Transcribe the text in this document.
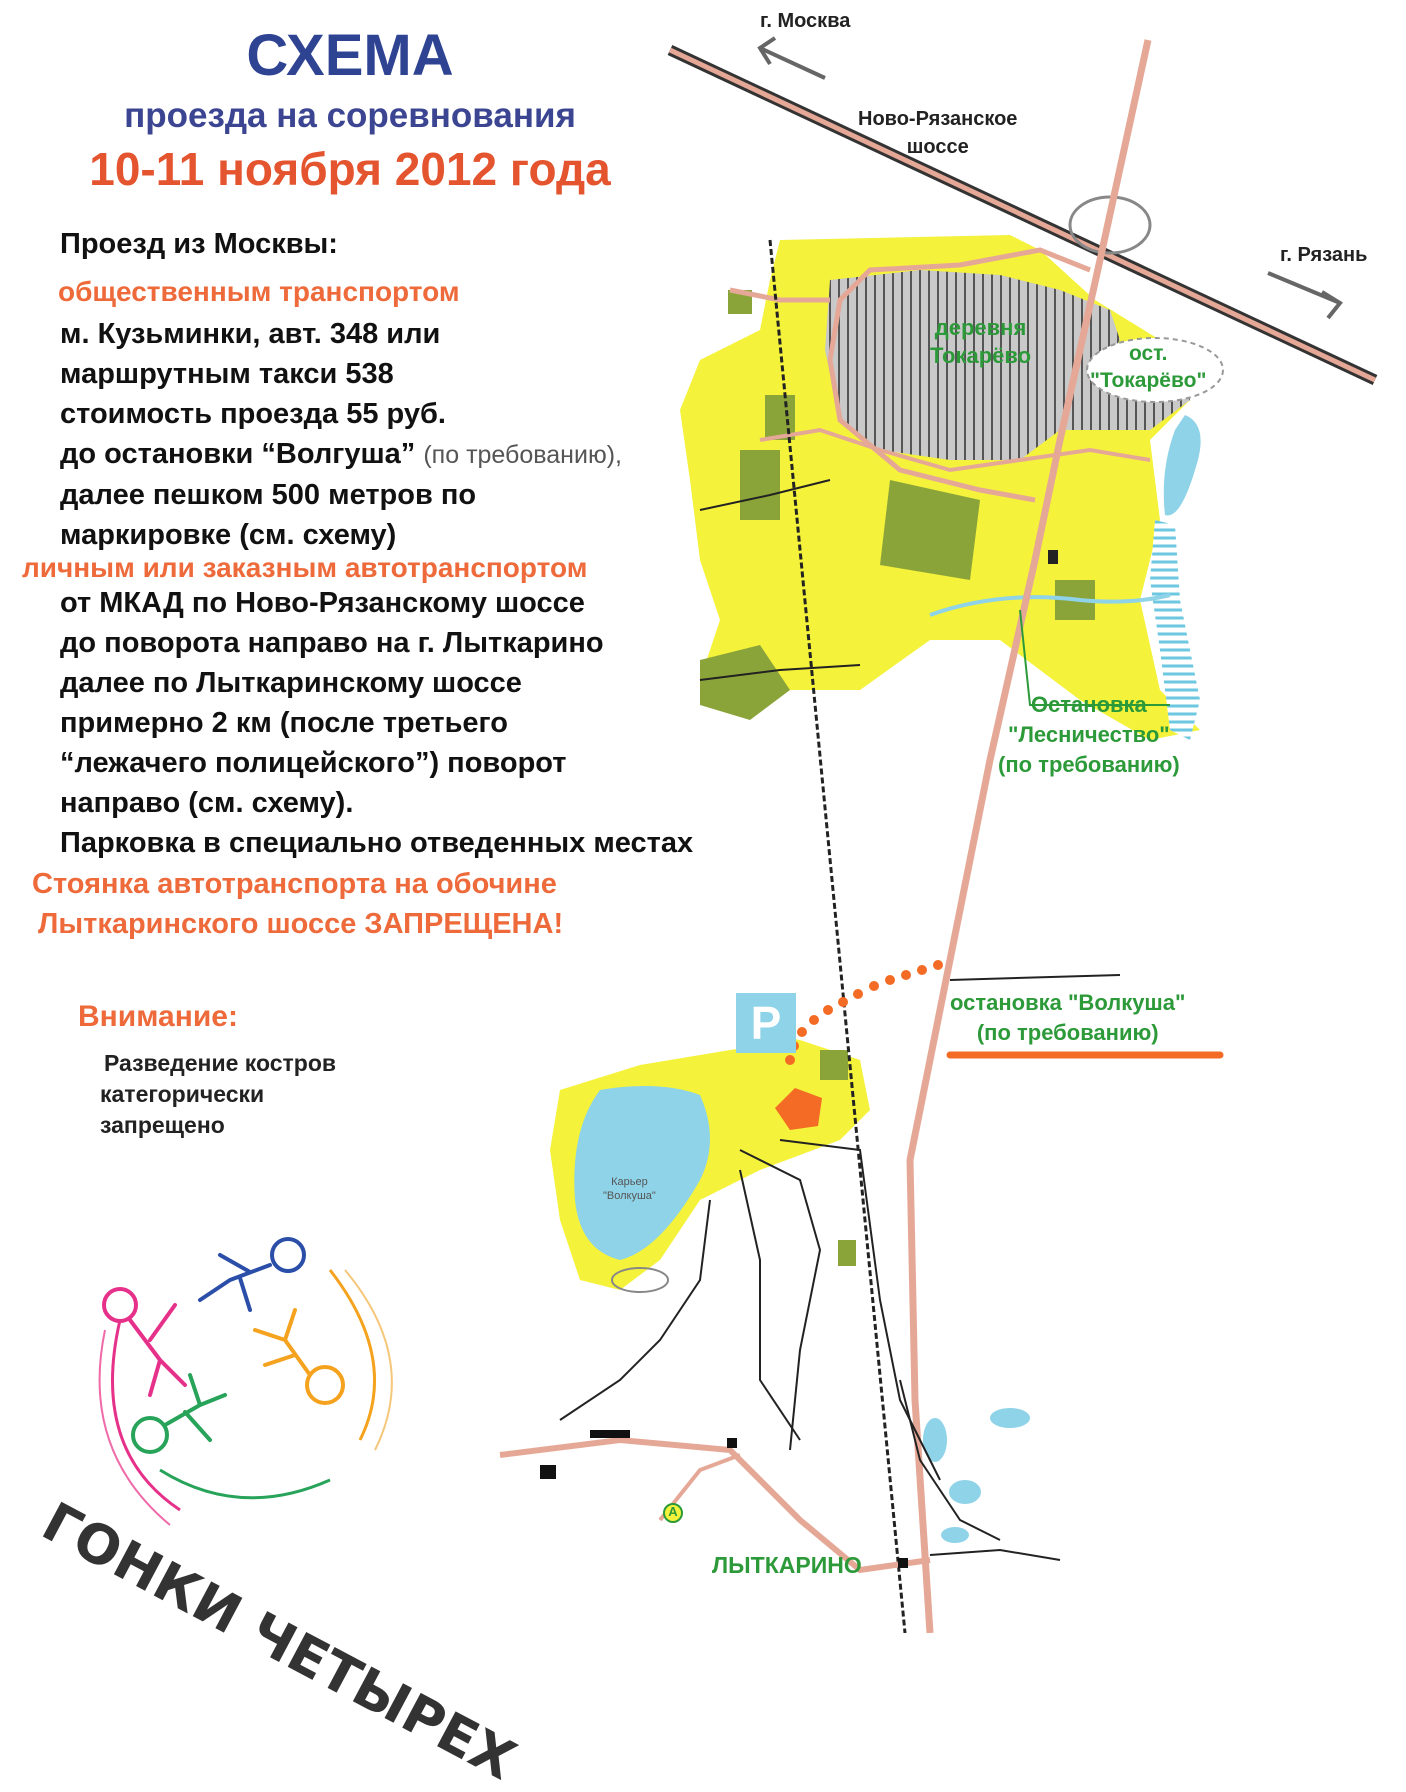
СХЕМА
проезда на соревнования
10-11 ноября 2012 года
Проезд из Москвы:
общественным транспортом
м. Кузьминки, авт. 348 или
маршрутным такси 538
стоимость проезда 55 руб.
до остановки “Волгуша” (по требованию),
далее пешком 500 метров по
маркировке (см. схему)
личным или заказным автотранспортом
от МКАД по Ново-Рязанскому шоссе
до поворота направо на г. Лыткарино
далее по Лыткаринскому шоссе
примерно 2 км (после третьего
“лежачего полицейского”) поворот
направо (см. схему).
Парковка в специально отведенных местах
Стоянка автотранспорта на обочине
Лыткаринского шоссе ЗАПРЕЩЕНА!
Внимание:
Разведение костров
категорически
запрещено
г. Москва
г. Рязань
Ново-Рязанское
шоссе
деревня
Токарёво	ост.
"Токарёво"
Остановка
"Лесничество"
(по требованию)
остановка "Волкуша"
(по требованию)
Карьер
"Волкуша"
P
A
ЛЫТКАРИНО
ГОНКИ ЧЕТЫРЕХ
